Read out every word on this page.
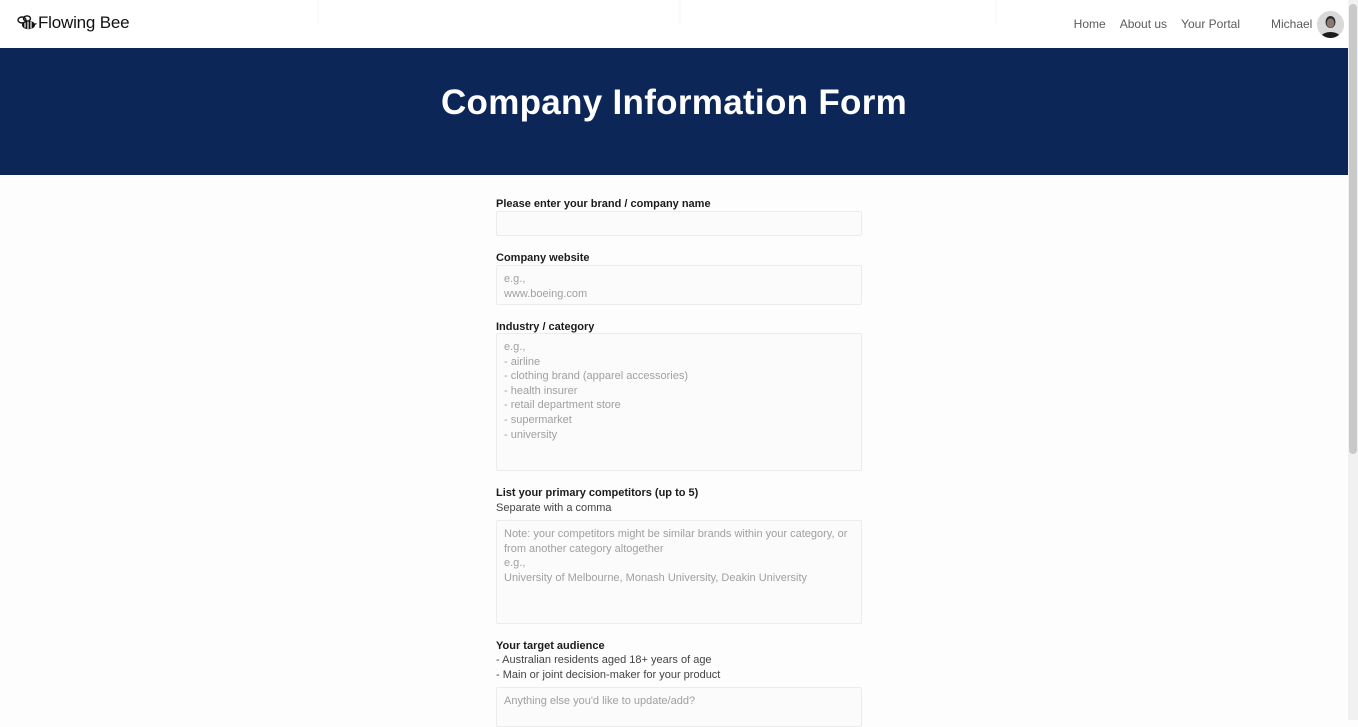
Flowing Bee	Home About us Your Portal	Michael
Company Information Form
Please enter your brand / company name
Company website
e.g., www.boeing.com
Industry / category
e.g., - airline - clothing brand (apparel accessories) - health insurer - retail department store - supermarket - university
List your primary competitors (up to 5)
Separate with a comma
Note: your competitors might be similar brands within your category, or from another category altogether e.g., University of Melbourne, Monash University, Deakin University
Your target audience
- Australian residents aged 18+ years of age
- Main or joint decision-maker for your product
Anything else you'd like to update/add?
